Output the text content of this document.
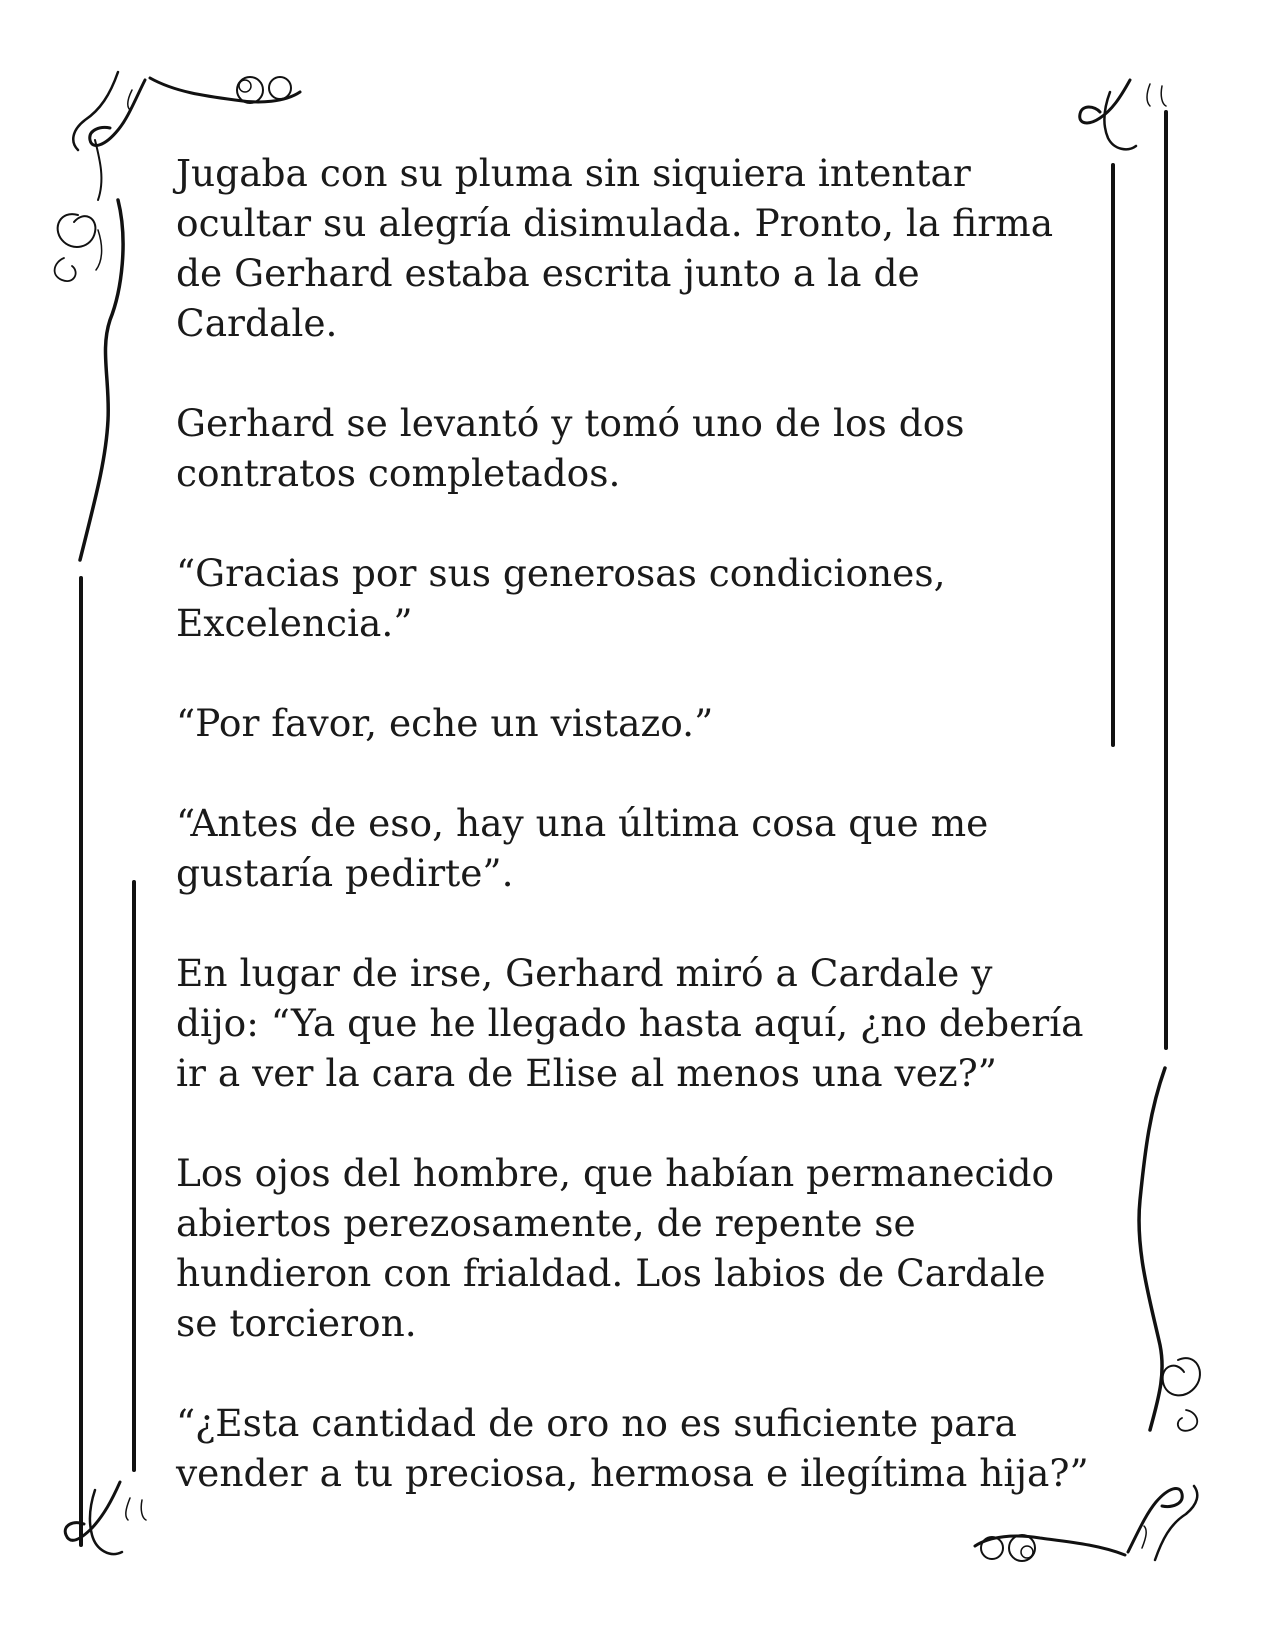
Jugaba con su pluma sin siquiera intentar
ocultar su alegría disimulada. Pronto, la firma
de Gerhard estaba escrita junto a la de
Cardale.

Gerhard se levantó y tomó uno de los dos
contratos completados.

“Gracias por sus generosas condiciones,
Excelencia.”

“Por favor, eche un vistazo.”

“Antes de eso, hay una última cosa que me
gustaría pedirte”.

En lugar de irse, Gerhard miró a Cardale y
dijo: “Ya que he llegado hasta aquí, ¿no debería
ir a ver la cara de Elise al menos una vez?”

Los ojos del hombre, que habían permanecido
abiertos perezosamente, de repente se
hundieron con frialdad. Los labios de Cardale
se torcieron.

“¿Esta cantidad de oro no es suficiente para
vender a tu preciosa, hermosa e ilegítima hija?”
